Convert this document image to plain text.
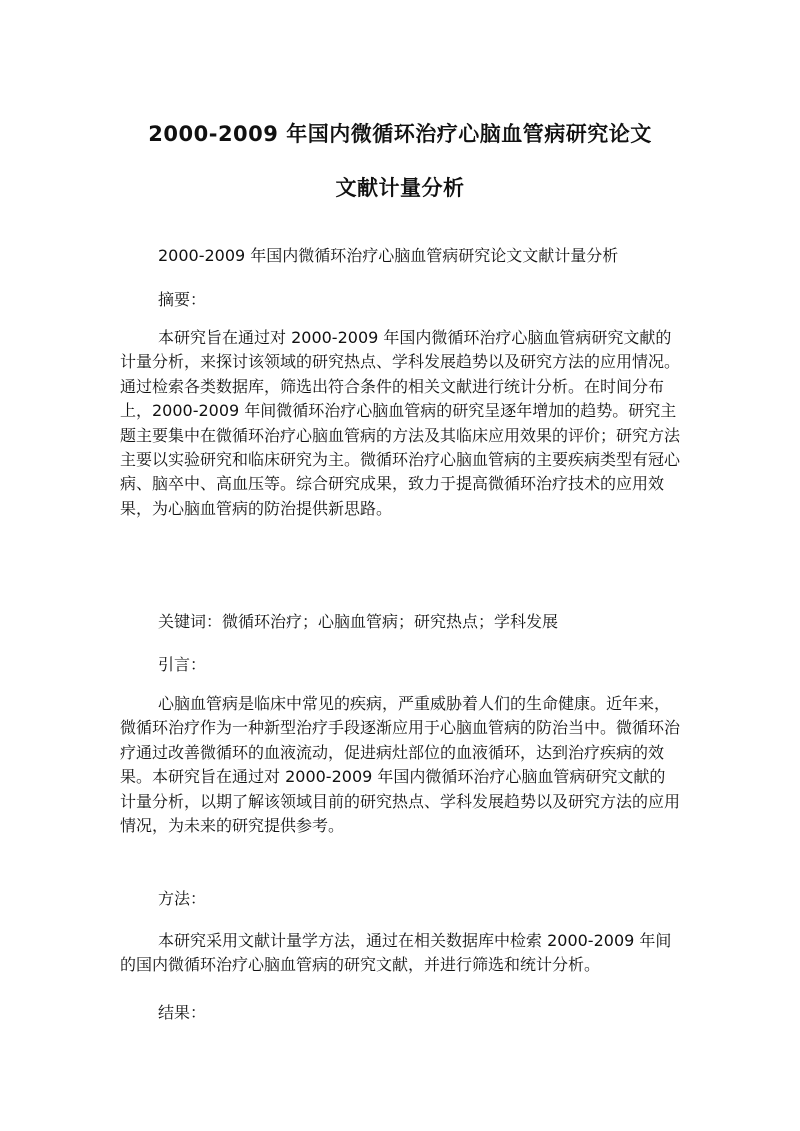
2000-2009 年国内微循环治疗心脑血管病研究论文
文献计量分析

2000-2009 年国内微循环治疗心脑血管病研究论文文献计量分析

摘要：

本研究旨在通过对 2000-2009 年国内微循环治疗心脑血管病研究文献的计量分析，来探讨该领域的研究热点、学科发展趋势以及研究方法的应用情况。通过检索各类数据库，筛选出符合条件的相关文献进行统计分析。在时间分布上，2000-2009 年间微循环治疗心脑血管病的研究呈逐年增加的趋势。研究主题主要集中在微循环治疗心脑血管病的方法及其临床应用效果的评价；研究方法主要以实验研究和临床研究为主。微循环治疗心脑血管病的主要疾病类型有冠心病、脑卒中、高血压等。综合研究成果，致力于提高微循环治疗技术的应用效果，为心脑血管病的防治提供新思路。

关键词：微循环治疗；心脑血管病；研究热点；学科发展

引言：

心脑血管病是临床中常见的疾病，严重威胁着人们的生命健康。近年来，微循环治疗作为一种新型治疗手段逐渐应用于心脑血管病的防治当中。微循环治疗通过改善微循环的血液流动，促进病灶部位的血液循环，达到治疗疾病的效果。本研究旨在通过对 2000-2009 年国内微循环治疗心脑血管病研究文献的计量分析，以期了解该领域目前的研究热点、学科发展趋势以及研究方法的应用情况，为未来的研究提供参考。

方法：

本研究采用文献计量学方法，通过在相关数据库中检索 2000-2009 年间的国内微循环治疗心脑血管病的研究文献，并进行筛选和统计分析。

结果：
